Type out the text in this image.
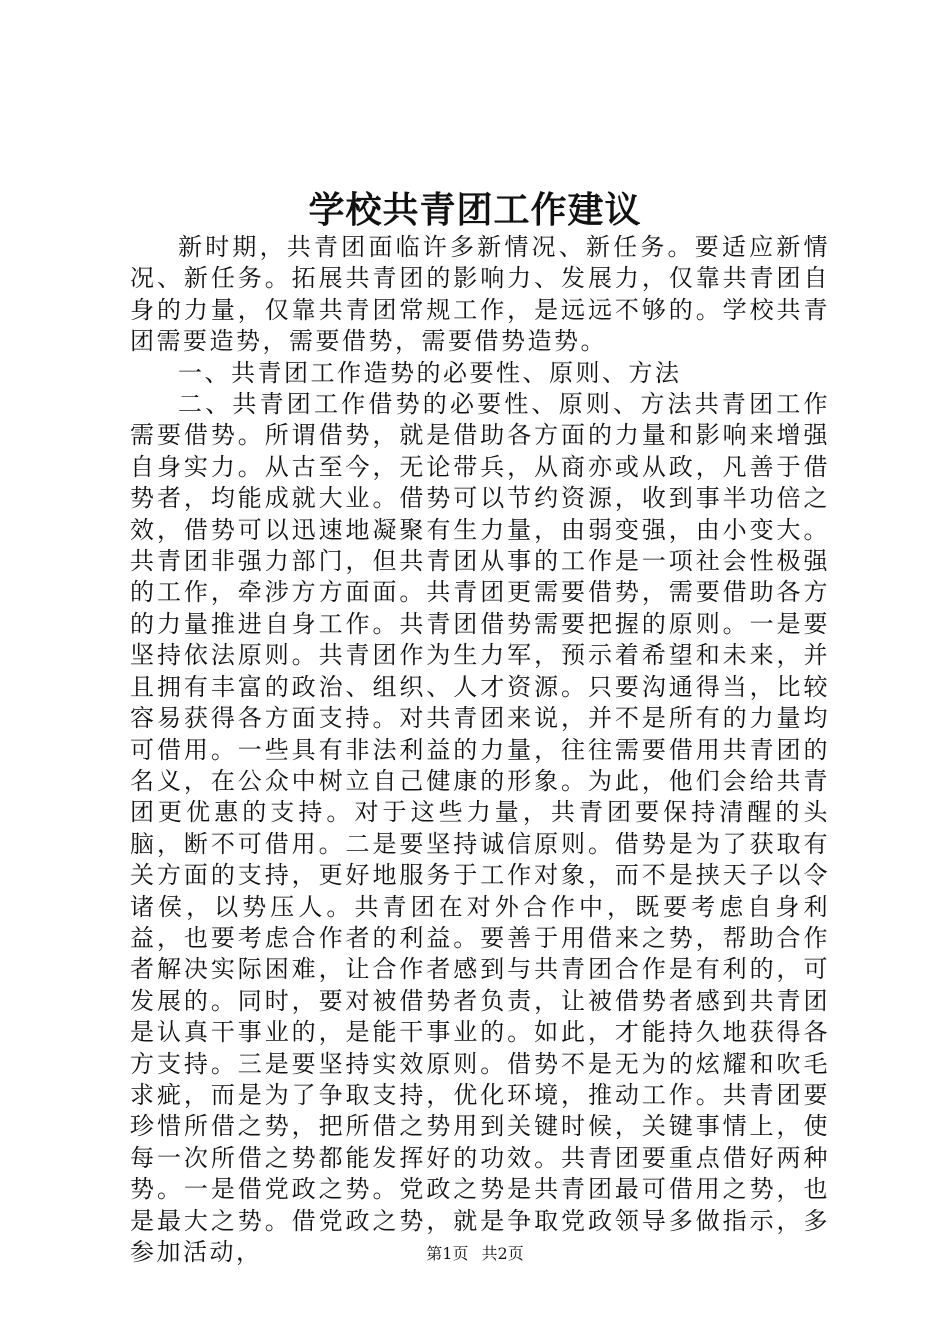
学校共青团工作建议

新时期，共青团面临许多新情况、新任务。要适应新情况、新任务。拓展共青团的影响力、发展力，仅靠共青团自身的力量，仅靠共青团常规工作，是远远不够的。学校共青团需要造势，需要借势，需要借势造势。

一、共青团工作造势的必要性、原则、方法

二、共青团工作借势的必要性、原则、方法共青团工作需要借势。所谓借势，就是借助各方面的力量和影响来增强自身实力。从古至今，无论带兵，从商亦或从政，凡善于借势者，均能成就大业。借势可以节约资源，收到事半功倍之效，借势可以迅速地凝聚有生力量，由弱变强，由小变大。共青团非强力部门，但共青团从事的工作是一项社会性极强的工作，牵涉方方面面。共青团更需要借势，需要借助各方的力量推进自身工作。共青团借势需要把握的原则。一是要坚持依法原则。共青团作为生力军，预示着希望和未来，并且拥有丰富的政治、组织、人才资源。只要沟通得当，比较容易获得各方面支持。对共青团来说，并不是所有的力量均可借用。一些具有非法利益的力量，往往需要借用共青团的名义，在公众中树立自己健康的形象。为此，他们会给共青团更优惠的支持。对于这些力量，共青团要保持清醒的头脑，断不可借用。二是要坚持诚信原则。借势是为了获取有关方面的支持，更好地服务于工作对象，而不是挟天子以令诸侯，以势压人。共青团在对外合作中，既要考虑自身利益，也要考虑合作者的利益。要善于用借来之势，帮助合作者解决实际困难，让合作者感到与共青团合作是有利的，可发展的。同时，要对被借势者负责，让被借势者感到共青团是认真干事业的，是能干事业的。如此，才能持久地获得各方支持。三是要坚持实效原则。借势不是无为的炫耀和吹毛求疵，而是为了争取支持，优化环境，推动工作。共青团要珍惜所借之势，把所借之势用到关键时候，关键事情上，使每一次所借之势都能发挥好的功效。共青团要重点借好两种势。一是借党政之势。党政之势是共青团最可借用之势，也是最大之势。借党政之势，就是争取党政领导多做指示，多参加活动，	第1页 共2页
